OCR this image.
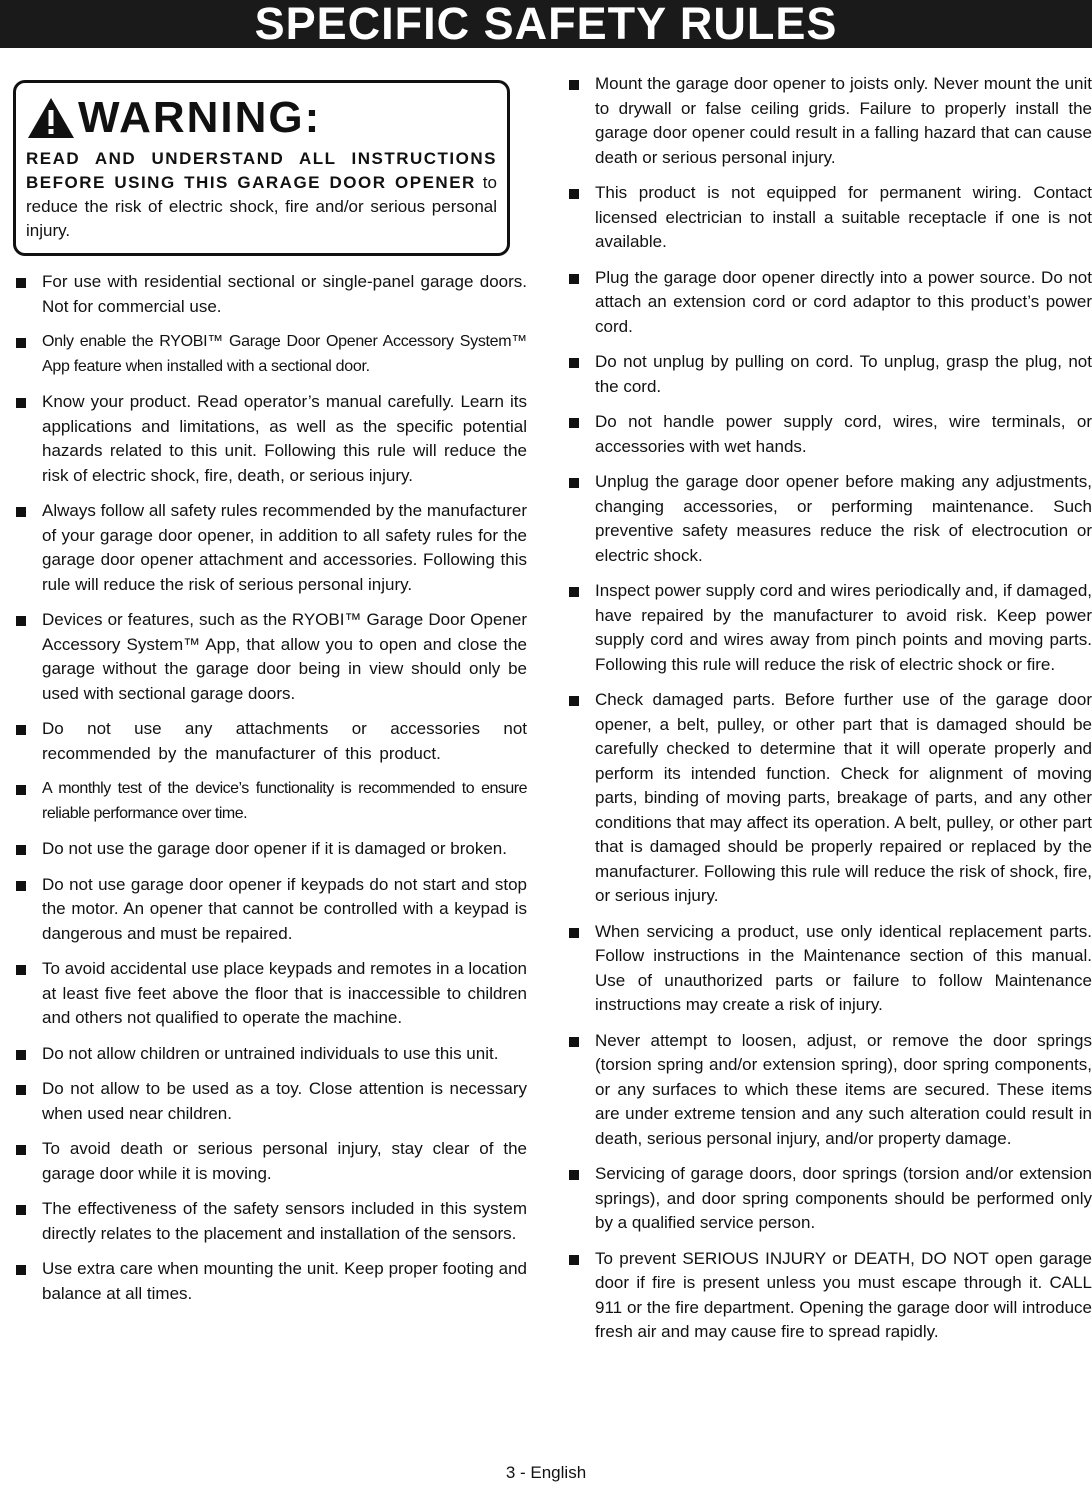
SPECIFIC SAFETY RULES
WARNING:
READ AND UNDERSTAND ALL INSTRUCTIONS BEFORE USING THIS GARAGE DOOR OPENER to reduce the risk of electric shock, fire and/or serious personal injury.
For use with residential sectional or single-panel garage doors. Not for commercial use.
Only enable the RYOBI™ Garage Door Opener Accessory System™ App feature when installed with a sectional door.
Know your product. Read operator’s manual carefully. Learn its applications and limitations, as well as the specific potential hazards related to this unit. Following this rule will reduce the risk of electric shock, fire, death, or serious injury.
Always follow all safety rules recommended by the manufacturer of your garage door opener, in addition to all safety rules for the garage door opener attachment and accessories. Following this rule will reduce the risk of serious personal injury.
Devices or features, such as the RYOBI™ Garage Door Opener Accessory System™ App, that allow you to open and close the garage without the garage door being in view should only be used with sectional garage doors.
Do not use any attachments or accessories not recommended by the manufacturer of this product.
A monthly test of the device’s functionality is recommended to ensure reliable performance over time.
Do not use the garage door opener if it is damaged or broken.
Do not use garage door opener if keypads do not start and stop the motor. An opener that cannot be controlled with a keypad is dangerous and must be repaired.
To avoid accidental use place keypads and remotes in a location at least five feet above the floor that is inaccessible to children and others not qualified to operate the machine.
Do not allow children or untrained individuals to use this unit.
Do not allow to be used as a toy. Close attention is necessary when used near children.
To avoid death or serious personal injury, stay clear of the garage door while it is moving.
The effectiveness of the safety sensors included in this system directly relates to the placement and installation of the sensors.
Use extra care when mounting the unit. Keep proper footing and balance at all times.
Mount the garage door opener to joists only. Never mount the unit to drywall or false ceiling grids. Failure to properly install the garage door opener could result in a falling hazard that can cause death or serious personal injury.
This product is not equipped for permanent wiring. Contact licensed electrician to install a suitable receptacle if one is not available.
Plug the garage door opener directly into a power source. Do not attach an extension cord or cord adaptor to this product’s power cord.
Do not unplug by pulling on cord. To unplug, grasp the plug, not the cord.
Do not handle power supply cord, wires, wire terminals, or accessories with wet hands.
Unplug the garage door opener before making any adjustments, changing accessories, or performing maintenance. Such preventive safety measures reduce the risk of electrocution or electric shock.
Inspect power supply cord and wires periodically and, if damaged, have repaired by the manufacturer to avoid risk. Keep power supply cord and wires away from pinch points and moving parts. Following this rule will reduce the risk of electric shock or fire.
Check damaged parts. Before further use of the garage door opener, a belt, pulley, or other part that is damaged should be carefully checked to determine that it will operate properly and perform its intended function. Check for alignment of moving parts, binding of moving parts, breakage of parts, and any other conditions that may affect its operation. A belt, pulley, or other part that is damaged should be properly repaired or replaced by the manufacturer. Following this rule will reduce the risk of shock, fire, or serious injury.
When servicing a product, use only identical replacement parts. Follow instructions in the Maintenance section of this manual. Use of unauthorized parts or failure to follow Maintenance instructions may create a risk of injury.
Never attempt to loosen, adjust, or remove the door springs (torsion spring and/or extension spring), door spring components, or any surfaces to which these items are secured. These items are under extreme tension and any such alteration could result in death, serious personal injury, and/or property damage.
Servicing of garage doors, door springs (torsion and/or extension springs), and door spring components should be performed only by a qualified service person.
To prevent SERIOUS INJURY or DEATH, DO NOT open garage door if fire is present unless you must escape through it. CALL 911 or the fire department. Opening the garage door will introduce fresh air and may cause fire to spread rapidly.
3 - English
